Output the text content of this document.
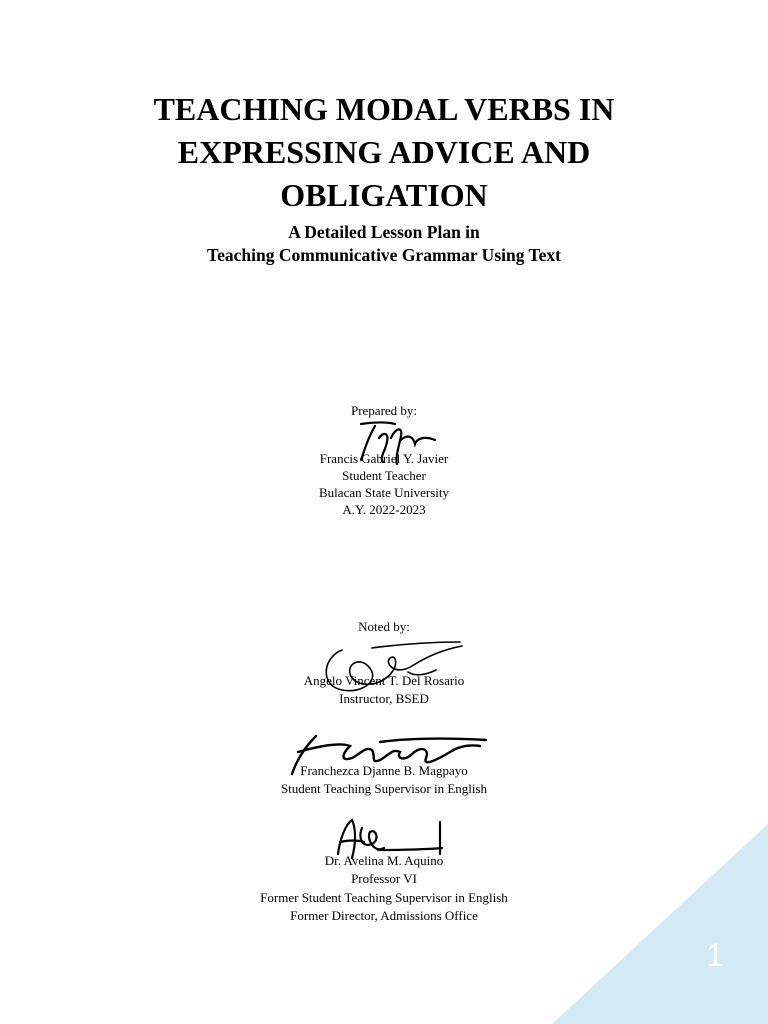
TEACHING MODAL VERBS IN
EXPRESSING ADVICE AND
OBLIGATION
A Detailed Lesson Plan in
Teaching Communicative Grammar Using Text
Prepared by:
Francis Gabriel Y. Javier
Student Teacher
Bulacan State University
A.Y. 2022-2023
Noted by:
Angelo Vincent T. Del Rosario
Instructor, BSED
Franchezca Djanne B. Magpayo
Student Teaching Supervisor in English
Dr. Avelina M. Aquino
Professor VI
Former Student Teaching Supervisor in English
Former Director, Admissions Office
1
